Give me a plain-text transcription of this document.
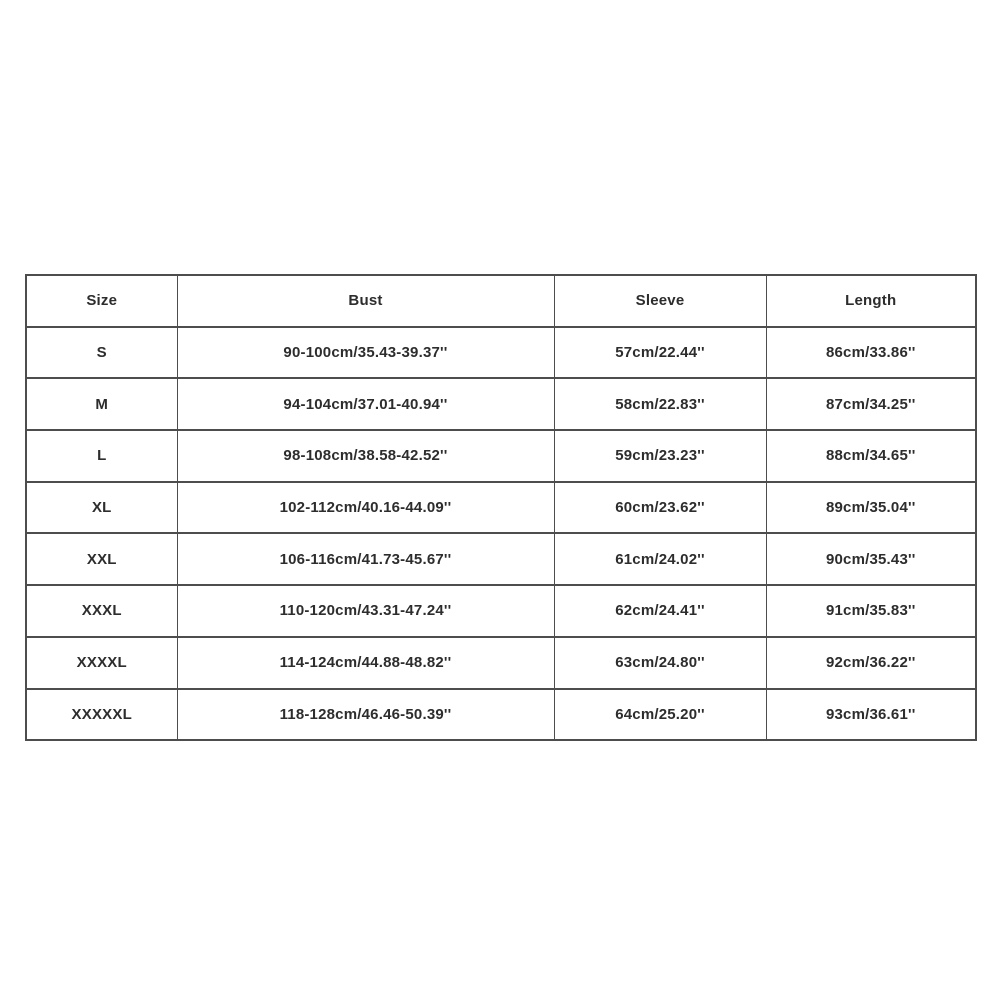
Size	Bust	Sleeve	Length
S	90-100cm/35.43-39.37''	57cm/22.44''	86cm/33.86''
M	94-104cm/37.01-40.94''	58cm/22.83''	87cm/34.25''
L	98-108cm/38.58-42.52''	59cm/23.23''	88cm/34.65''
XL	102-112cm/40.16-44.09''	60cm/23.62''	89cm/35.04''
XXL	106-116cm/41.73-45.67''	61cm/24.02''	90cm/35.43''
XXXL	110-120cm/43.31-47.24''	62cm/24.41''	91cm/35.83''
XXXXL	114-124cm/44.88-48.82''	63cm/24.80''	92cm/36.22''
XXXXXL	118-128cm/46.46-50.39''	64cm/25.20''	93cm/36.61''
